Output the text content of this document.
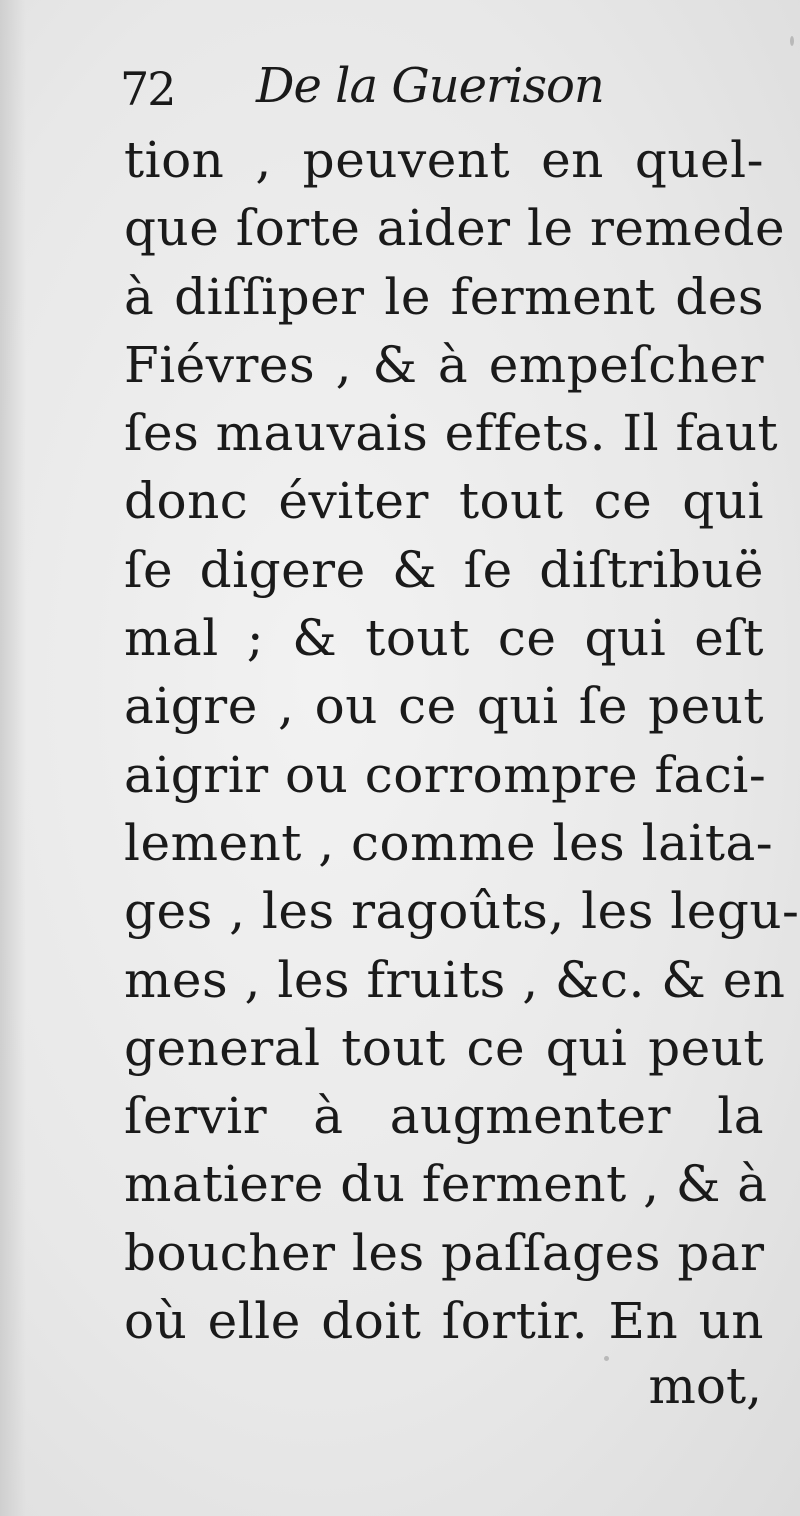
72 De la Guerison
tion , peuvent en quel-
que ſorte aider le remede
à diſſiper le ferment des
Fiévres , & à empeſcher
ſes mauvais effets. Il faut
donc éviter tout ce qui
ſe digere & ſe diſtribuë
mal ; & tout ce qui eſt
aigre , ou ce qui ſe peut
aigrir ou corrompre faci-
lement , comme les laita-
ges , les ragoûts, les legu-
mes , les fruits , &c. & en
general tout ce qui peut
ſervir à augmenter la
matiere du ferment , & à
boucher les paſſages par
où elle doit ſortir. En un
mot,
